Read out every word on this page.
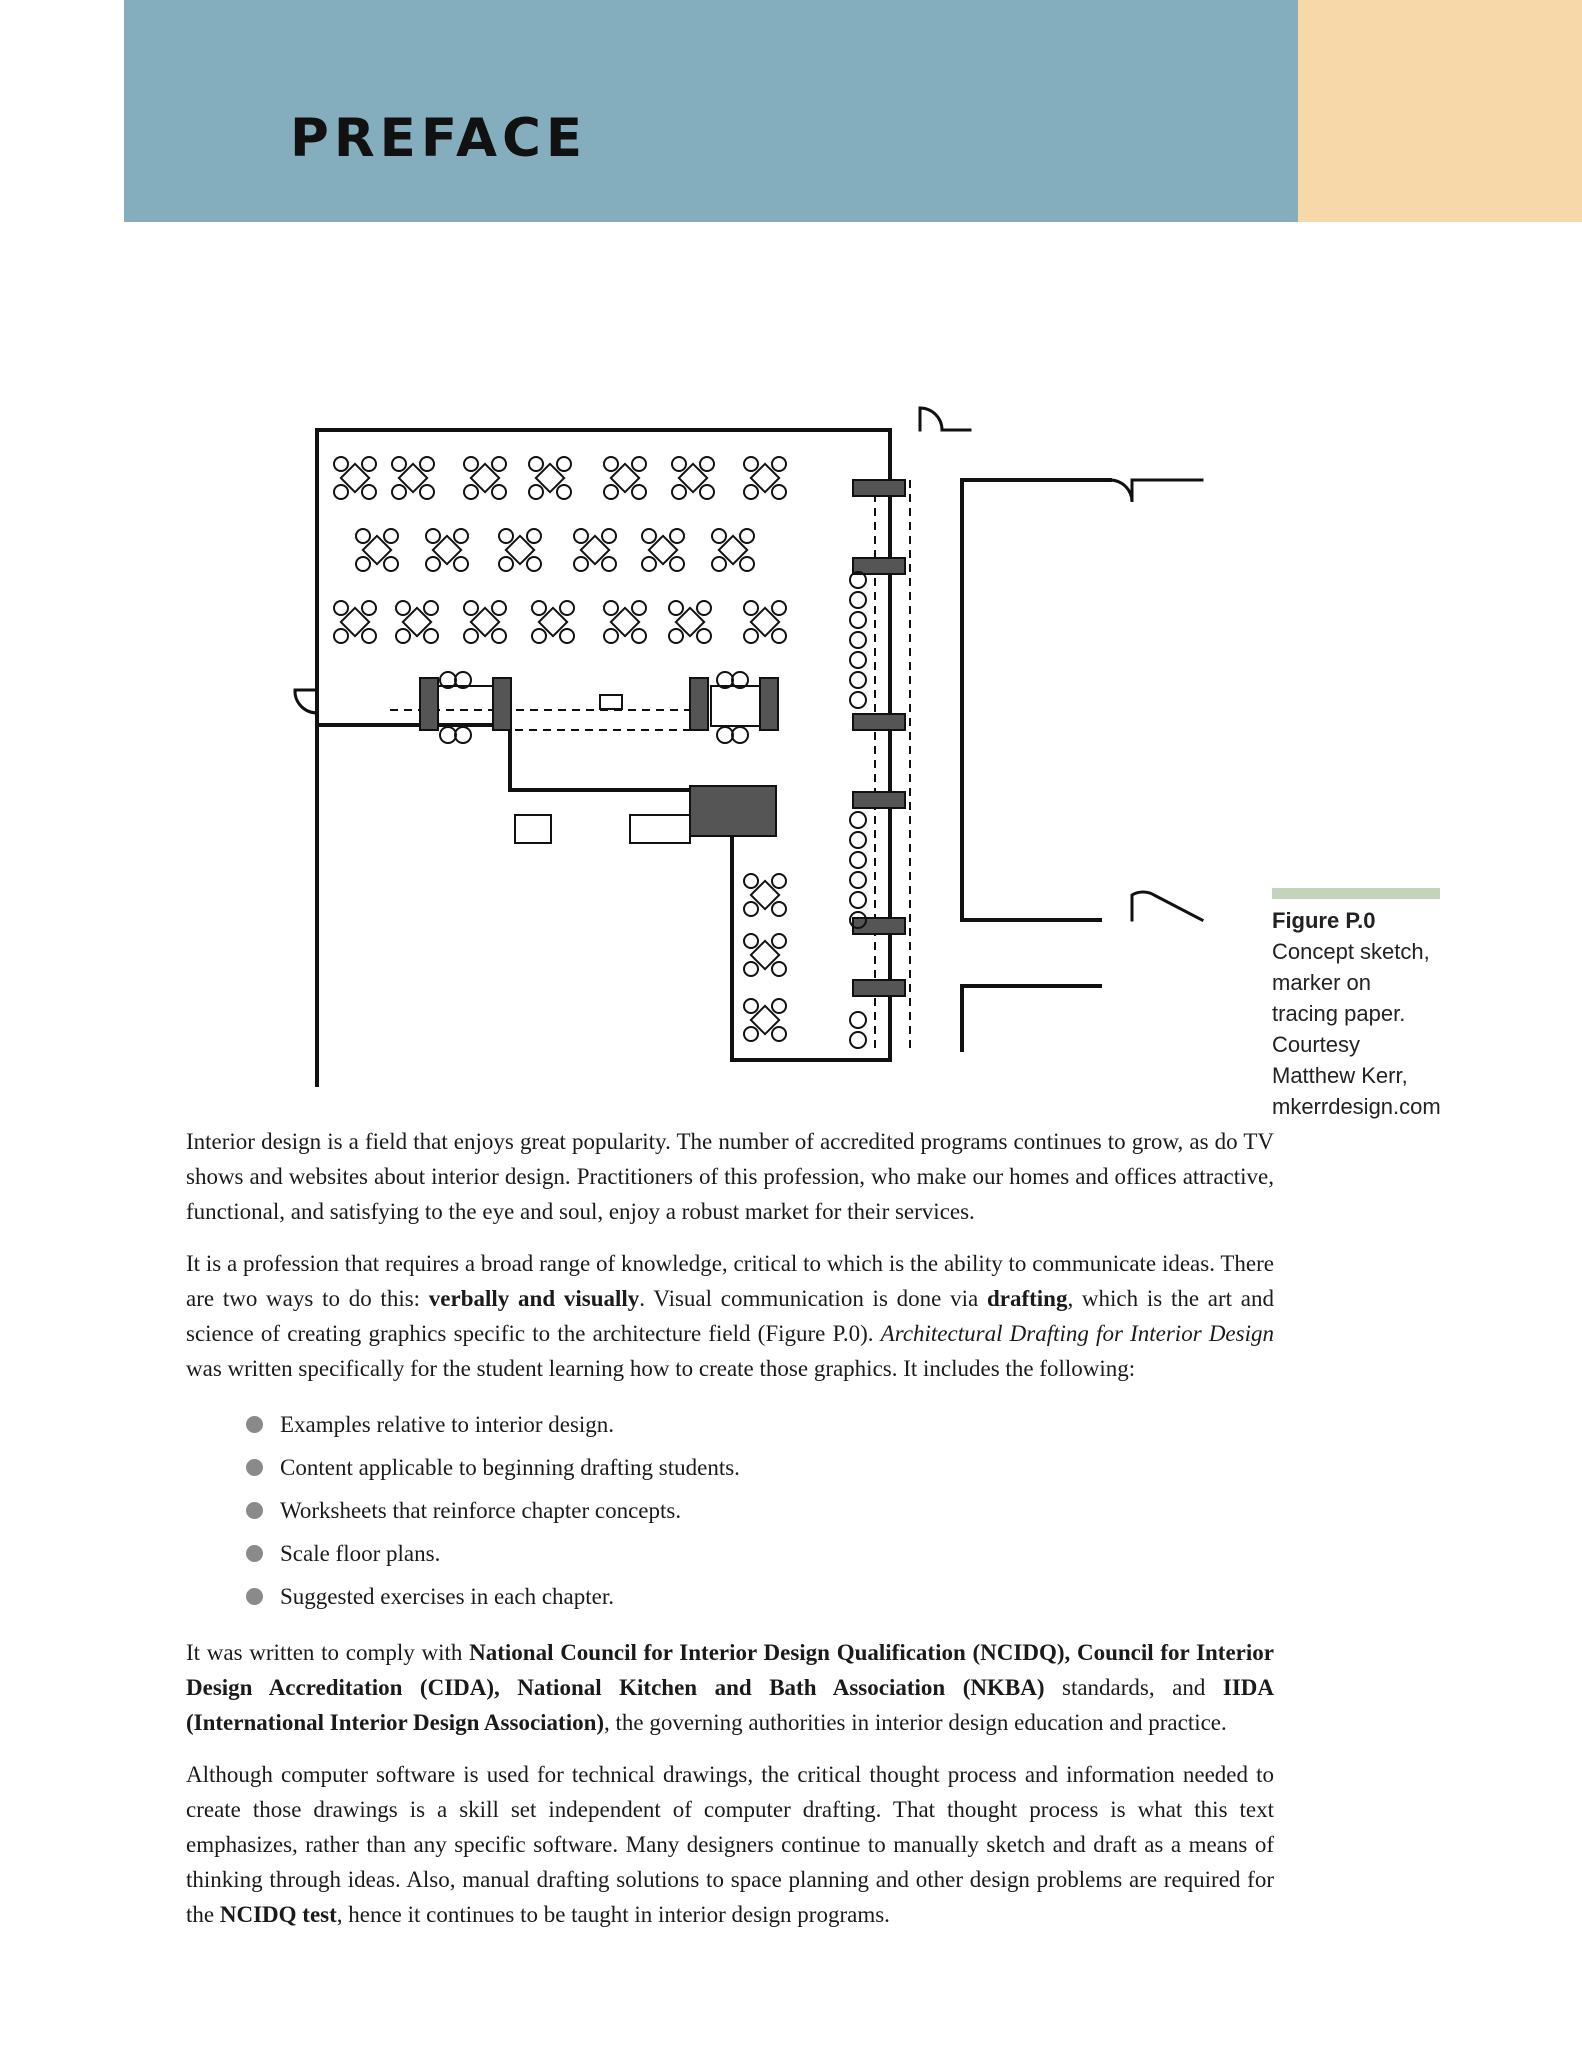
PREFACE
Figure P.0
Concept sketch, marker on tracing paper. Courtesy Matthew Kerr, mkerrdesign.com

Interior design is a field that enjoys great popularity. The number of accredited programs continues to grow, as do TV shows and websites about interior design. Practitioners of this profession, who make our homes and offices attractive, functional, and satisfying to the eye and soul, enjoy a robust market for their services.

It is a profession that requires a broad range of knowledge, critical to which is the ability to communicate ideas. There are two ways to do this: verbally and visually. Visual communication is done via drafting, which is the art and science of creating graphics specific to the architecture field (Figure P.0). Architectural Drafting for Interior Design was written specifically for the student learning how to create those graphics. It includes the following:

Examples relative to interior design.
Content applicable to beginning drafting students.
Worksheets that reinforce chapter concepts.
Scale floor plans.
Suggested exercises in each chapter.

It was written to comply with National Council for Interior Design Qualification (NCIDQ), Council for Interior Design Accreditation (CIDA), National Kitchen and Bath Association (NKBA) standards, and IIDA (International Interior Design Association), the governing authorities in interior design education and practice.

Although computer software is used for technical drawings, the critical thought process and information needed to create those drawings is a skill set independent of computer drafting. That thought process is what this text emphasizes, rather than any specific software. Many designers continue to manually sketch and draft as a means of thinking through ideas. Also, manual drafting solutions to space planning and other design problems are required for the NCIDQ test, hence it continues to be taught in interior design programs.
